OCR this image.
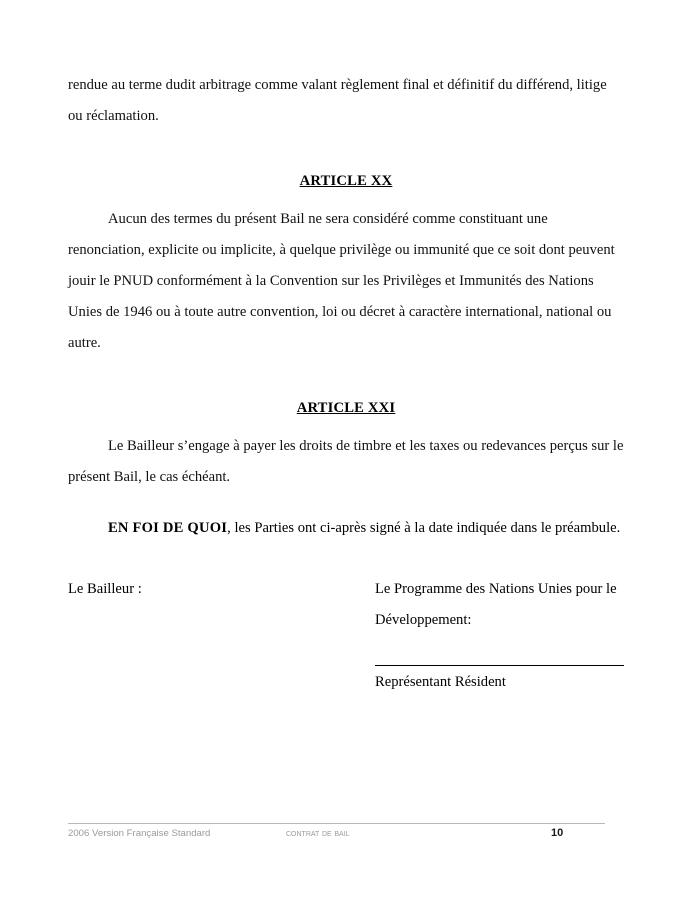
rendue au terme dudit arbitrage comme valant règlement final et définitif du différend, litige ou réclamation.

ARTICLE XX

Aucun des termes du présent Bail ne sera considéré comme constituant une renonciation, explicite ou implicite, à quelque privilège ou immunité que ce soit dont peuvent jouir le PNUD conformément à la Convention sur les Privilèges et Immunités des Nations Unies de 1946 ou à toute autre convention, loi ou décret à caractère international, national ou autre.

ARTICLE XXI

Le Bailleur s’engage à payer les droits de timbre et les taxes ou redevances perçus sur le présent Bail, le cas échéant.

EN FOI DE QUOI, les Parties ont ci-après signé à la date indiquée dans le préambule.

Le Bailleur :	Le Programme des Nations Unies pour le
Développement:
Représentant Résident
2006 Version Française Standard	contrat de bail	10
